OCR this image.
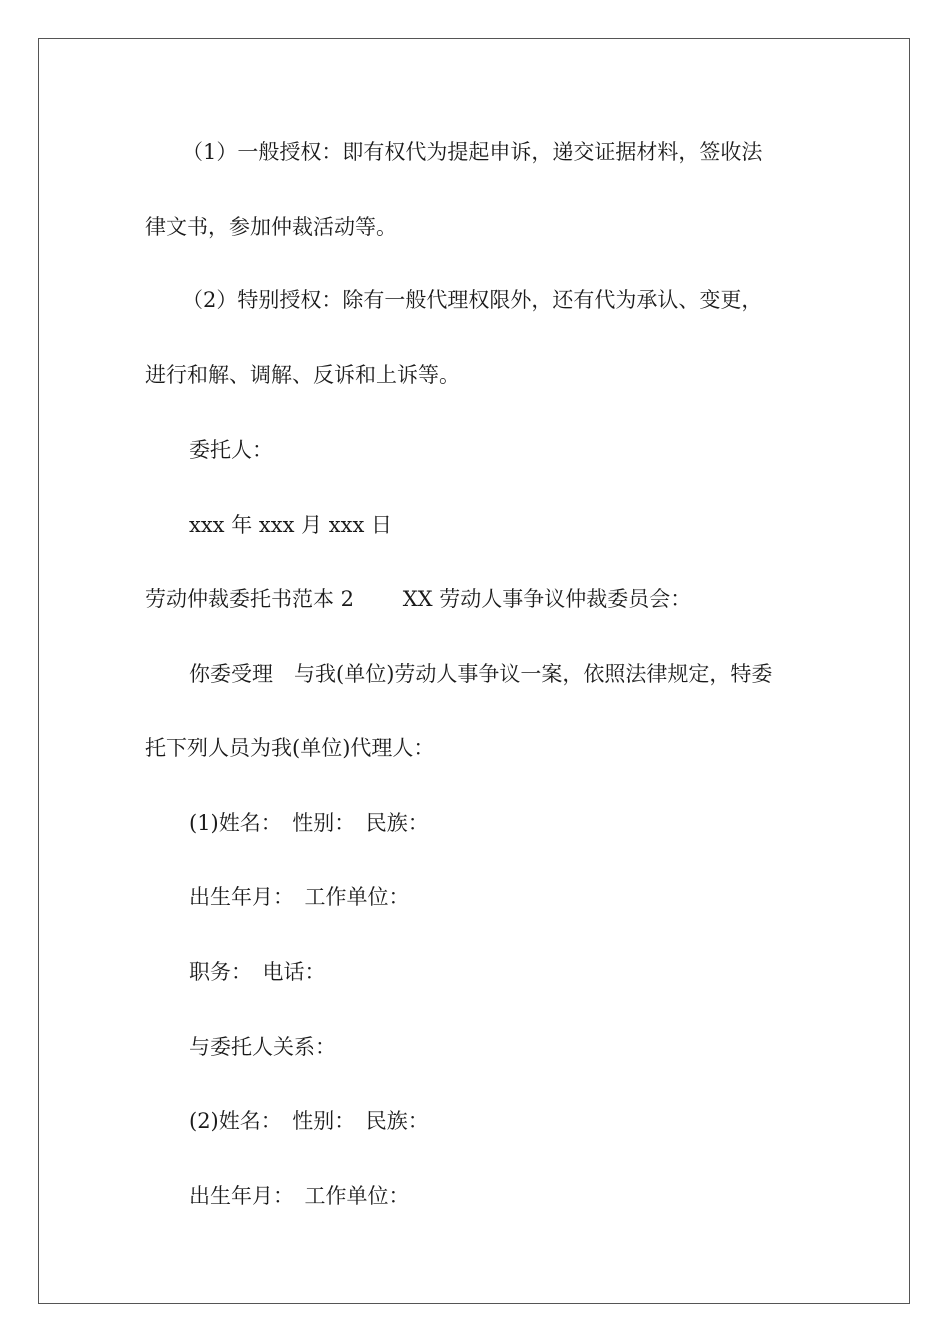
（1）一般授权：即有权代为提起申诉，递交证据材料，签收法

律文书，参加仲裁活动等。

（2）特别授权：除有一般代理权限外，还有代为承认、变更，

进行和解、调解、反诉和上诉等。

委托人：

xxx 年 xxx 月 xxx 日

劳动仲裁委托书范本 2　　 XX 劳动人事争议仲裁委员会：

你委受理　与我(单位)劳动人事争议一案，依照法律规定，特委

托下列人员为我(单位)代理人：

(1)姓名：　性别：　民族：

出生年月：　工作单位：

职务：　电话：

与委托人关系：

(2)姓名：　性别：　民族：

出生年月：　工作单位：
